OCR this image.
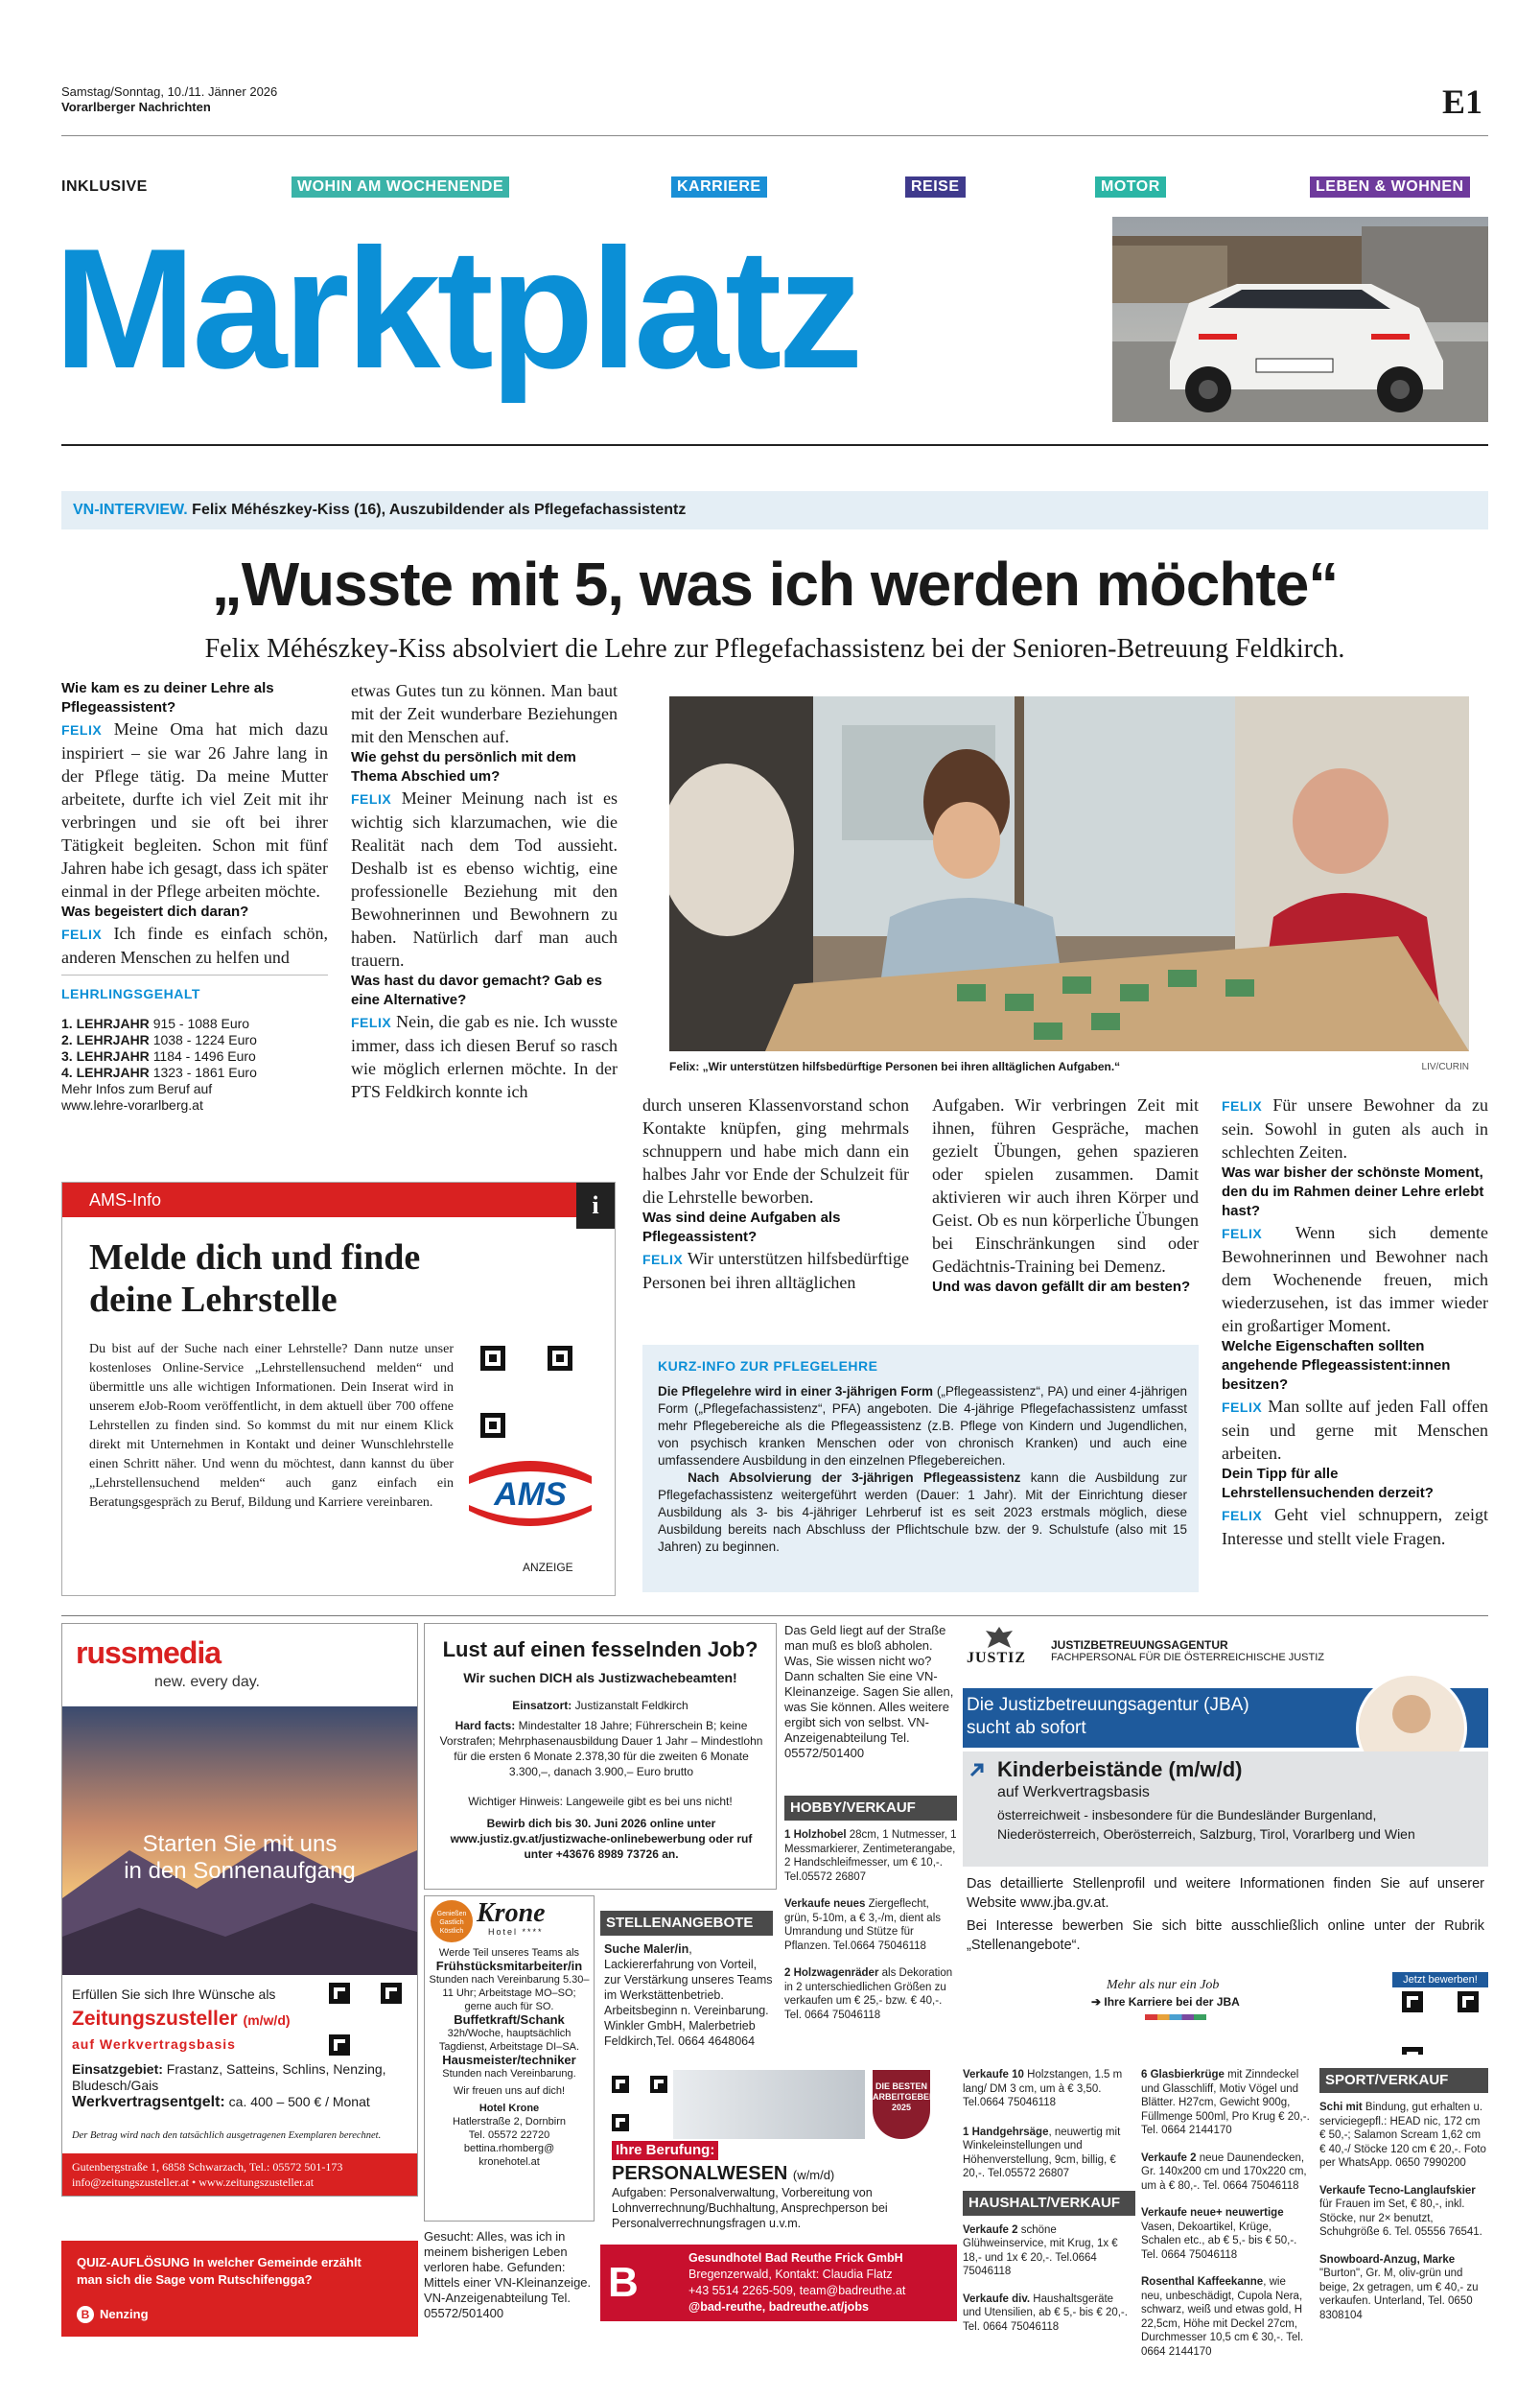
Samstag/Sonntag, 10./11. Jänner 2026
Vorarlberger Nachrichten	E1
INKLUSIVE	WOHIN AM WOCHENENDE	KARRIERE	REISE	MOTOR	LEBEN & WOHNEN
Marktplatz
VN-INTERVIEW. Felix Méhészkey-Kiss (16), Auszubildender als Pflegefachassistentz
„Wusste mit 5, was ich werden möchte“
Felix Méhészkey-Kiss absolviert die Lehre zur Pflegefachassistenz bei der Senioren-Betreuung Feldkirch.
Wie kam es zu deiner Lehre als Pflegeassistent?

FELIX Meine Oma hat mich dazu inspiriert – sie war 26 Jahre lang in der Pflege tätig. Da meine Mutter arbeitete, durfte ich viel Zeit mit ihr verbringen und sie oft bei ihrer Tätigkeit begleiten. Schon mit fünf Jahren habe ich gesagt, dass ich später einmal in der Pflege arbeiten möchte.

Was begeistert dich daran?

FELIX Ich finde es einfach schön, anderen Menschen zu helfen und

LEHRLINGSGEHALT
1. LEHRJAHR 915 - 1088 Euro
2. LEHRJAHR 1038 - 1224 Euro
3. LEHRJAHR 1184 - 1496 Euro
4. LEHRJAHR 1323 - 1861 Euro
Mehr Infos zum Beruf auf
www.lehre-vorarlberg.at

etwas Gutes tun zu können. Man baut mit der Zeit wunderbare Beziehungen mit den Menschen auf.

Wie gehst du persönlich mit dem Thema Abschied um?

FELIX Meiner Meinung nach ist es wichtig sich klarzumachen, wie die Realität nach dem Tod aussieht. Deshalb ist es ebenso wichtig, eine professionelle Beziehung mit den Bewohnerinnen und Bewohnern zu haben. Natürlich darf man auch trauern.

Was hast du davor gemacht? Gab es eine Alternative?

FELIX Nein, die gab es nie. Ich wusste immer, dass ich diesen Beruf so rasch wie möglich erlernen möchte. In der PTS Feldkirch konnte ich

Felix: „Wir unterstützen hilfsbedürftige Personen bei ihren alltäglichen Aufgaben.“	LIV/CURIN

durch unseren Klassenvorstand schon Kontakte knüpfen, ging mehrmals schnuppern und habe mich dann ein halbes Jahr vor Ende der Schulzeit für die Lehrstelle beworben.

Was sind deine Aufgaben als Pflegeassistent?

FELIX Wir unterstützen hilfsbedürftige Personen bei ihren alltäglichen

Aufgaben. Wir verbringen Zeit mit ihnen, führen Gespräche, machen gezielt Übungen, gehen spazieren oder spielen zusammen. Damit aktivieren wir auch ihren Körper und Geist. Ob es nun körperliche Übungen bei Einschränkungen sind oder Gedächtnis-Training bei Demenz.

Und was davon gefällt dir am besten?

FELIX Für unsere Bewohner da zu sein. Sowohl in guten als auch in schlechten Zeiten.

Was war bisher der schönste Moment, den du im Rahmen deiner Lehre erlebt hast?

FELIX Wenn sich demente Bewohnerinnen und Bewohner nach dem Wochenende freuen, mich wiederzusehen, ist das immer wieder ein großartiger Moment.

Welche Eigenschaften sollten angehende Pflegeassistent:innen besitzen?

FELIX Man sollte auf jeden Fall offen sein und gerne mit Menschen arbeiten.

Dein Tipp für alle Lehrstellensuchenden derzeit?

FELIX Geht viel schnuppern, zeigt Interesse und stellt viele Fragen.

KURZ-INFO ZUR PFLEGELEHRE
Die Pflegelehre wird in einer 3-jährigen Form („Pflegeassistenz“, PA) und einer 4-jährigen Form („Pflegefachassistenz“, PFA) angeboten. Die 4-jährige Pflegefachassistenz umfasst mehr Pflegebereiche als die Pflegeassistenz (z.B. Pflege von Kindern und Jugendlichen, von psychisch kranken Menschen oder von chronisch Kranken) und auch eine umfassendere Ausbildung in den einzelnen Pflegebereichen.
Nach Absolvierung der 3-jährigen Pflegeassistenz kann die Ausbildung zur Pflegefachassistenz weitergeführt werden (Dauer: 1 Jahr). Mit der Einrichtung dieser Ausbildung als 3- bis 4-jähriger Lehrberuf ist es seit 2023 erstmals möglich, diese Ausbildung bereits nach Abschluss der Pflichtschule bzw. der 9. Schulstufe (also mit 15 Jahren) zu beginnen.
AMS-Info	i
Melde dich und finde deine Lehrstelle
Du bist auf der Suche nach einer Lehrstelle? Dann nutze unser kostenloses Online-Service „Lehrstellensuchend melden“ und übermittle uns alle wichtigen Informationen. Dein Inserat wird in unserem eJob-Room veröffentlicht, in dem aktuell über 700 offene Lehrstellen zu finden sind. So kommst du mit nur einem Klick direkt mit Unternehmen in Kontakt und deiner Wunschlehrstelle einen Schritt näher. Und wenn du möchtest, dann kannst du über „Lehrstellensuchend melden“ auch ganz einfach ein Beratungsgespräch zu Beruf, Bildung und Karriere vereinbaren.	AMS
ANZEIGE
russmedia
new. every day.
Starten Sie mit uns
in den Sonnenaufgang
Erfüllen Sie sich Ihre Wünsche als
Zeitungszusteller (m/w/d)
auf Werkvertragsbasis
Einsatzgebiet: Frastanz, Satteins, Schlins, Nenzing, Bludesch/Gais
Werkvertragsentgelt: ca. 400 – 500 € / Monat
Der Betrag wird nach den tatsächlich ausgetragenen Exemplaren berechnet.
Gutenbergstraße 1, 6858 Schwarzach, Tel.: 05572 501-173
info@zeitungszusteller.at • www.zeitungszusteller.at
QUIZ-AUFLÖSUNG In welcher Gemeinde erzählt man sich die Sage vom Rutschifengga?
B Nenzing
Lust auf einen fesselnden Job?
Wir suchen DICH als Justizwachebeamten!
Einsatzort: Justizanstalt Feldkirch
Hard facts: Mindestalter 18 Jahre; Führerschein B; keine Vorstrafen; Mehrphasenausbildung Dauer 1 Jahr – Mindestlohn für die ersten 6 Monate 2.378,30 für die zweiten 6 Monate 3.300,–, danach 3.900,– Euro brutto
Wichtiger Hinweis: Langeweile gibt es bei uns nicht!
Bewirb dich bis 30. Juni 2026 online unter www.justiz.gv.at/justizwache-onlinebewerbung oder ruf unter +43676 8989 73726 an.
Genießen Gastlich Köstlich
Krone
Hotel ****
Werde Teil unseres Teams als
Frühstücksmitarbeiter/in
Stunden nach Vereinbarung 5.30–11 Uhr; Arbeitstage MO–SO; gerne auch für SO.
Buffetkraft/Schank
32h/Woche, hauptsächlich Tagdienst, Arbeitstage DI–SA.
Hausmeister/techniker
Stunden nach Vereinbarung.
Wir freuen uns auf dich!
Hotel Krone
Hatlerstraße 2, Dornbirn
Tel. 05572 22720
bettina.rhomberg@
kronehotel.at
Gesucht: Alles, was ich in meinem bisherigen Leben verloren habe. Gefunden: Mittels einer VN-Kleinanzeige. VN-Anzeigenabteilung Tel. 05572/501400
Das Geld liegt auf der Straße man muß es bloß abholen. Was, Sie wissen nicht wo? Dann schalten Sie eine VN-Kleinanzeige. Sagen Sie allen, was Sie können. Alles weitere ergibt sich von selbst. VN-Anzeigenabteilung Tel. 05572/501400
HOBBY/VERKAUF

1 Holzhobel 28cm, 1 Nutmesser, 1 Messmarkierer, Zentimeterangabe, 2 Handschleifmesser, um € 10,-. Tel.05572 26807

Verkaufe neues Ziergeflecht, grün, 5-10m, a € 3,-/m, dient als Umrandung und Stütze für Pflanzen. Tel.0664 75046118

2 Holzwagenräder als Dekoration in 2 unterschiedlichen Größen zu verkaufen um € 25,- bzw. € 40,-. Tel. 0664 75046118

STELLENANGEBOTE
Suche Maler/in, Lackiererfahrung von Vorteil, zur Verstärkung unseres Teams im Werkstättenbetrieb. Arbeitsbeginn n. Vereinbarung. Winkler GmbH, Malerbetrieb Feldkirch,Tel. 0664 4648064
DIE BESTEN ARBEITGEBER 2025
Ihre Berufung:
PERSONALWESEN (w/m/d)
Aufgaben: Personalverwaltung, Vorbereitung von Lohnverrechnung/Buchhaltung, Ansprechperson bei Personalverrechnungsfragen u.v.m.
B
Gesundhotel Bad Reuthe Frick GmbH
Bregenzerwald, Kontakt: Claudia Flatz
+43 5514 2265-509, team@badreuthe.at
@bad-reuthe, badreuthe.at/jobs
JUSTIZ
JUSTIZBETREUUNGSAGENTUR
FACHPERSONAL FÜR DIE ÖSTERREICHISCHE JUSTIZ
Die Justizbetreuungsagentur (JBA)
sucht ab sofort
Kinderbeistände (m/w/d)
auf Werkvertragsbasis
österreichweit - insbesondere für die Bundesländer Burgenland, Niederösterreich, Oberösterreich, Salzburg, Tirol, Vorarlberg und Wien
Das detaillierte Stellenprofil und weitere Informationen finden Sie auf unserer Website www.jba.gv.at.
Bei Interesse bewerben Sie sich bitte ausschließlich online unter der Rubrik „Stellenangebote“.
Mehr als nur ein Job
➔ Ihre Karriere bei der JBA
Jetzt bewerben!

Verkaufe 10 Holzstangen, 1.5 m lang/ DM 3 cm, um à € 3,50. Tel.0664 75046118

1 Handgehrsäge, neuwertig mit Winkeleinstellungen und Höhenverstellung, 9cm, billig, € 20,-. Tel.05572 26807

HAUSHALT/VERKAUF

Verkaufe 2 schöne Glühweinservice, mit Krug, 1x € 18,- und 1x € 20,-. Tel.0664 75046118

Verkaufe div. Haushaltsgeräte und Utensilien, ab € 5,- bis € 20,-. Tel. 0664 75046118

6 Glasbierkrüge mit Zinndeckel und Glasschliff, Motiv Vögel und Blätter. H27cm, Gewicht 900g, Füllmenge 500ml, Pro Krug € 20,-. Tel. 0664 2144170

Verkaufe 2 neue Daunendecken, Gr. 140x200 cm und 170x220 cm, um à € 80,-. Tel. 0664 75046118

Verkaufe neue+ neuwertige Vasen, Dekoartikel, Krüge, Schalen etc., ab € 5,- bis € 50,-. Tel. 0664 75046118

Rosenthal Kaffeekanne, wie neu, unbeschädigt, Cupola Nera, schwarz, weiß und etwas gold, H 22,5cm, Höhe mit Deckel 27cm, Durchmesser 10,5 cm € 30,-. Tel. 0664 2144170

SPORT/VERKAUF

Schi mit Bindung, gut erhalten u. serviciegepfl.: HEAD nic, 172 cm € 50,-; Salamon Scream 1,62 cm € 40,-/ Stöcke 120 cm € 20,-. Foto per WhatsApp. 0650 7990200

Verkaufe Tecno-Langlaufskier für Frauen im Set, € 80,-, inkl. Stöcke, nur 2× benutzt, Schuhgröße 6. Tel. 05556 76541.

Snowboard-Anzug, Marke "Burton", Gr. M, oliv-grün und beige, 2x getragen, um € 40,- zu verkaufen. Unterland, Tel. 0650 8308104
